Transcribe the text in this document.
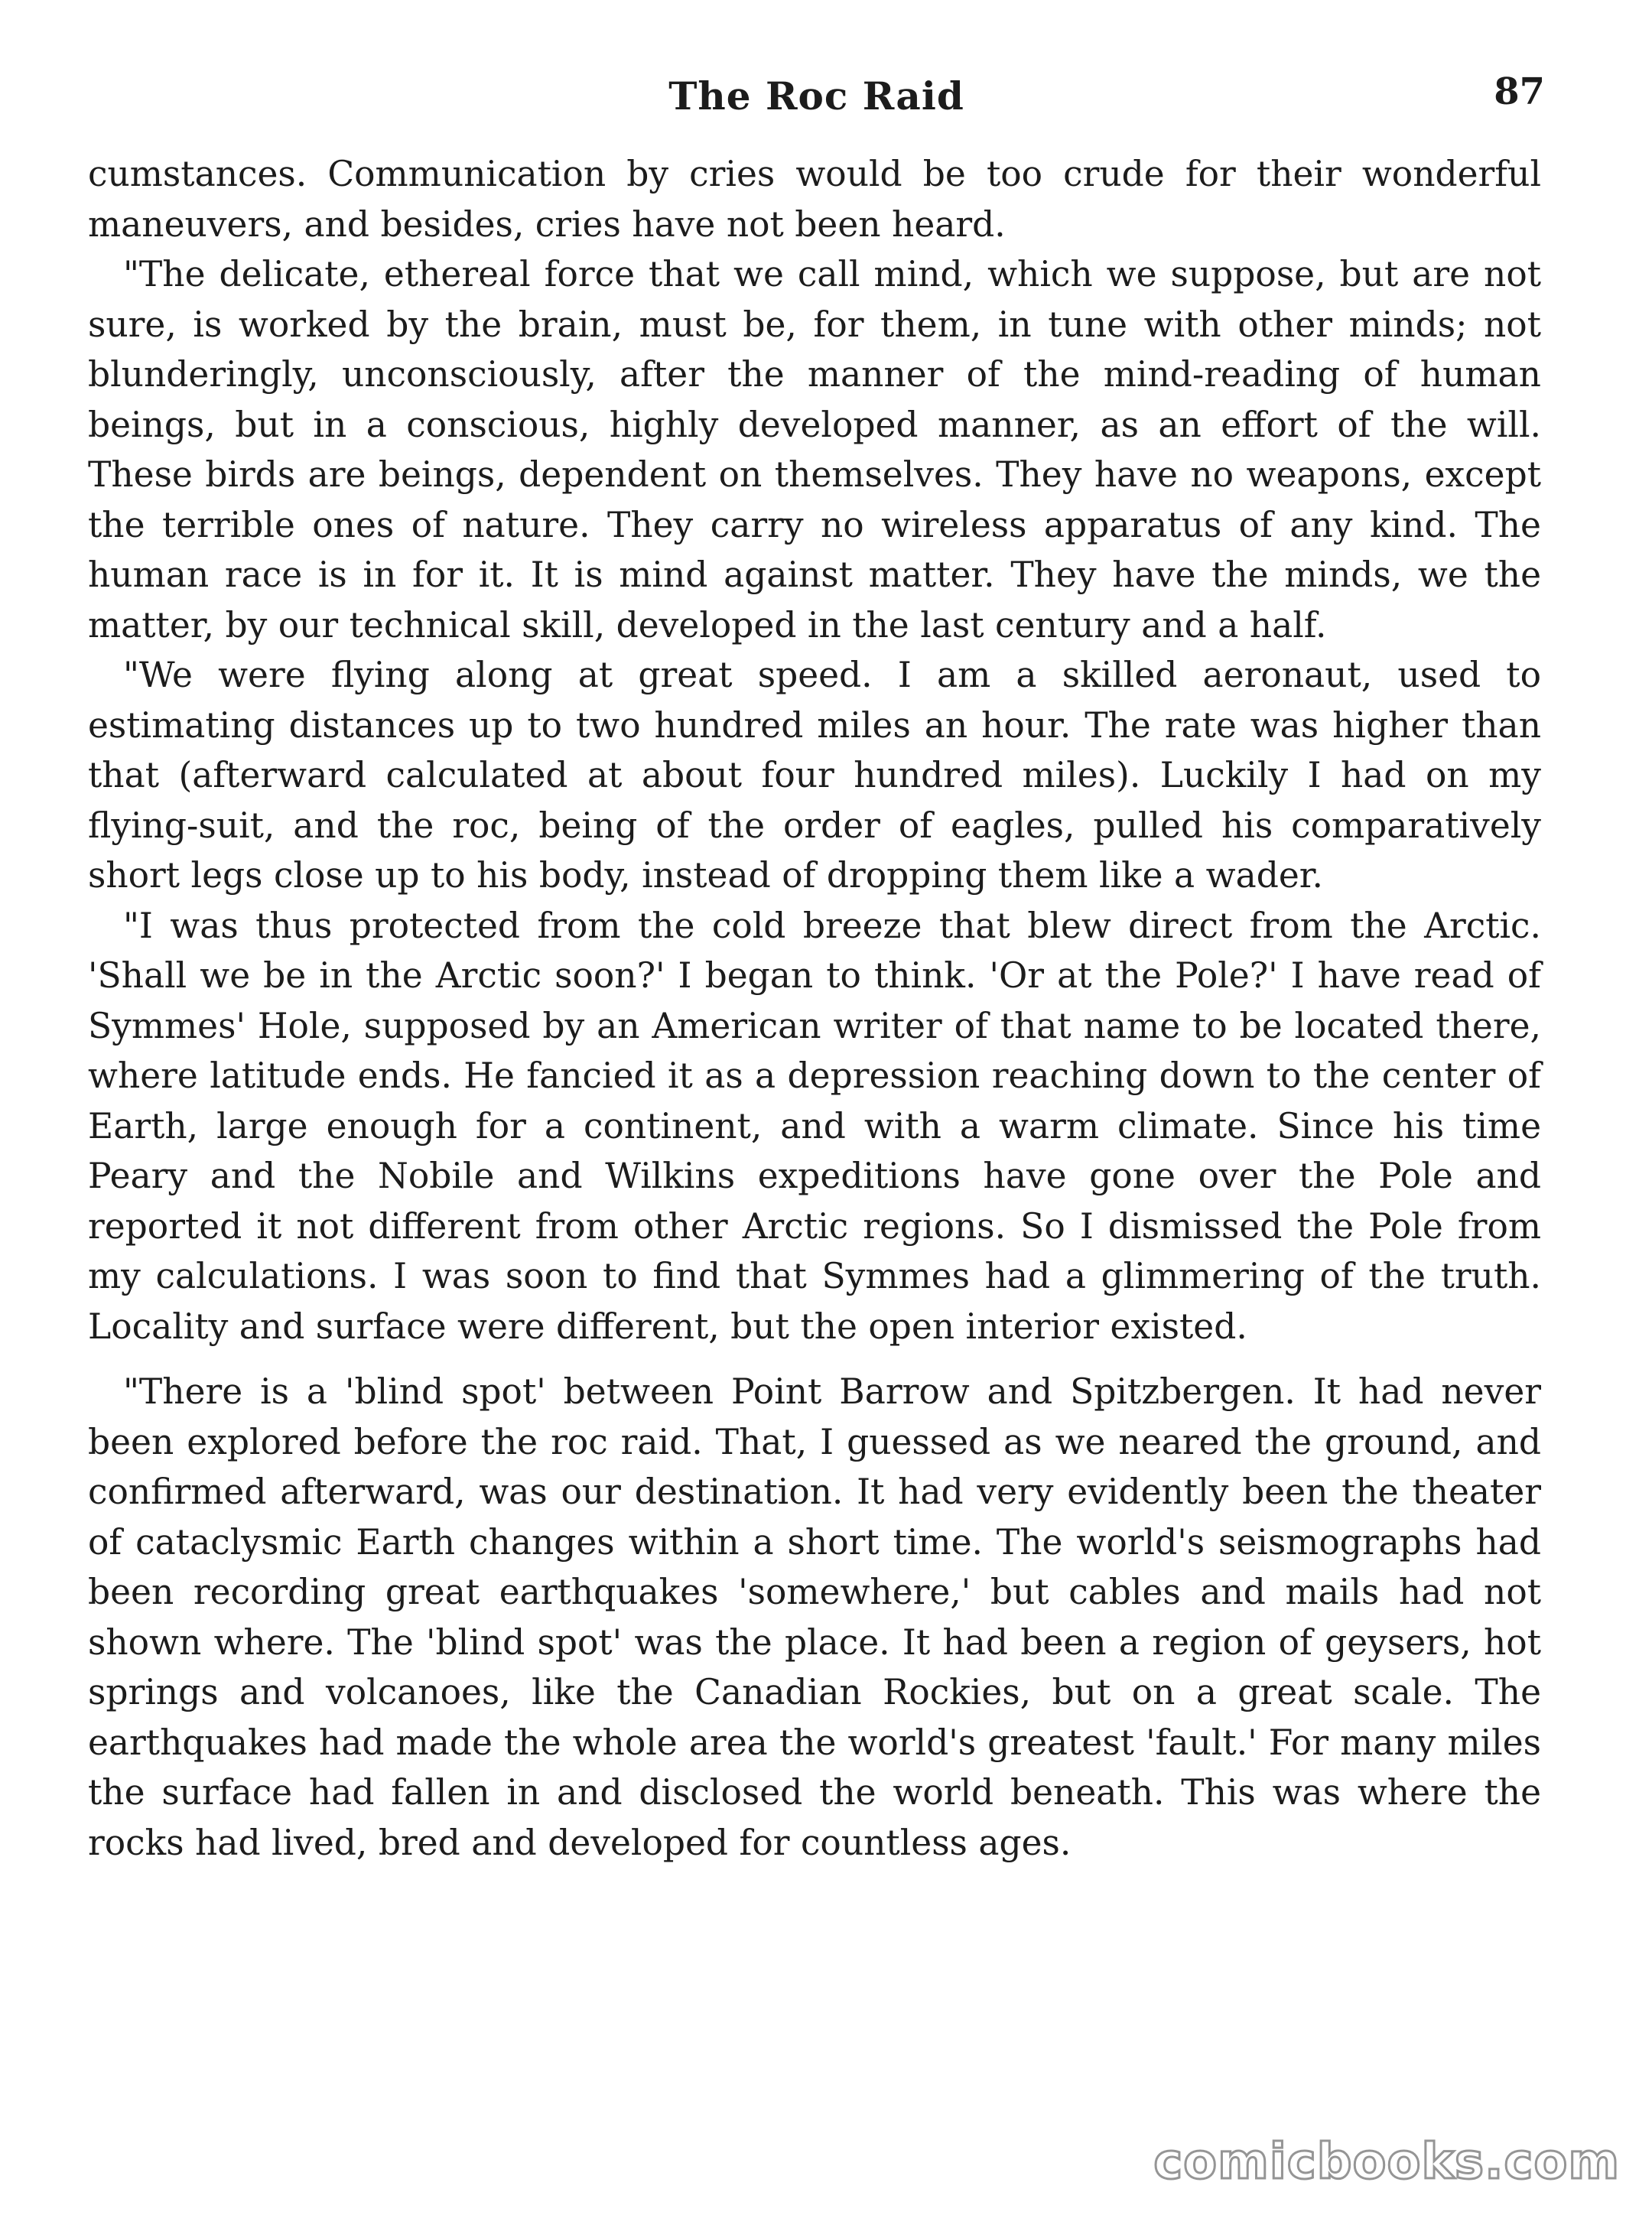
The Roc Raid	87

cumstances. Communication by cries would be too crude for their wonderful maneuvers, and besides, cries have not been heard.

"The delicate, ethereal force that we call mind, which we suppose, but are not sure, is worked by the brain, must be, for them, in tune with other minds; not blunderingly, unconsciously, after the manner of the mind-reading of human beings, but in a conscious, highly developed manner, as an effort of the will. These birds are beings, dependent on themselves. They have no weapons, except the terrible ones of nature. They carry no wireless apparatus of any kind. The human race is in for it. It is mind against matter. They have the minds, we the matter, by our technical skill, developed in the last century and a half.

"We were flying along at great speed. I am a skilled aeronaut, used to estimating distances up to two hundred miles an hour. The rate was higher than that (afterward calculated at about four hundred miles). Luckily I had on my flying-suit, and the roc, being of the order of eagles, pulled his comparatively short legs close up to his body, instead of dropping them like a wader.

"I was thus protected from the cold breeze that blew direct from the Arctic. 'Shall we be in the Arctic soon?' I began to think. 'Or at the Pole?' I have read of Symmes' Hole, supposed by an American writer of that name to be located there, where latitude ends. He fancied it as a depression reaching down to the center of Earth, large enough for a continent, and with a warm climate. Since his time Peary and the Nobile and Wilkins expeditions have gone over the Pole and reported it not different from other Arctic regions. So I dismissed the Pole from my calculations. I was soon to find that Symmes had a glimmering of the truth. Locality and surface were different, but the open interior existed.

"There is a 'blind spot' between Point Barrow and Spitzbergen. It had never been explored before the roc raid. That, I guessed as we neared the ground, and confirmed afterward, was our destination. It had very evidently been the theater of cataclysmic Earth changes within a short time. The world's seismographs had been recording great earthquakes 'somewhere,' but cables and mails had not shown where. The 'blind spot' was the place. It had been a region of geysers, hot springs and volcanoes, like the Canadian Rockies, but on a great scale. The earthquakes had made the whole area the world's greatest 'fault.' For many miles the surface had fallen in and disclosed the world beneath. This was where the rocks had lived, bred and developed for countless ages.

comicbooks.com
